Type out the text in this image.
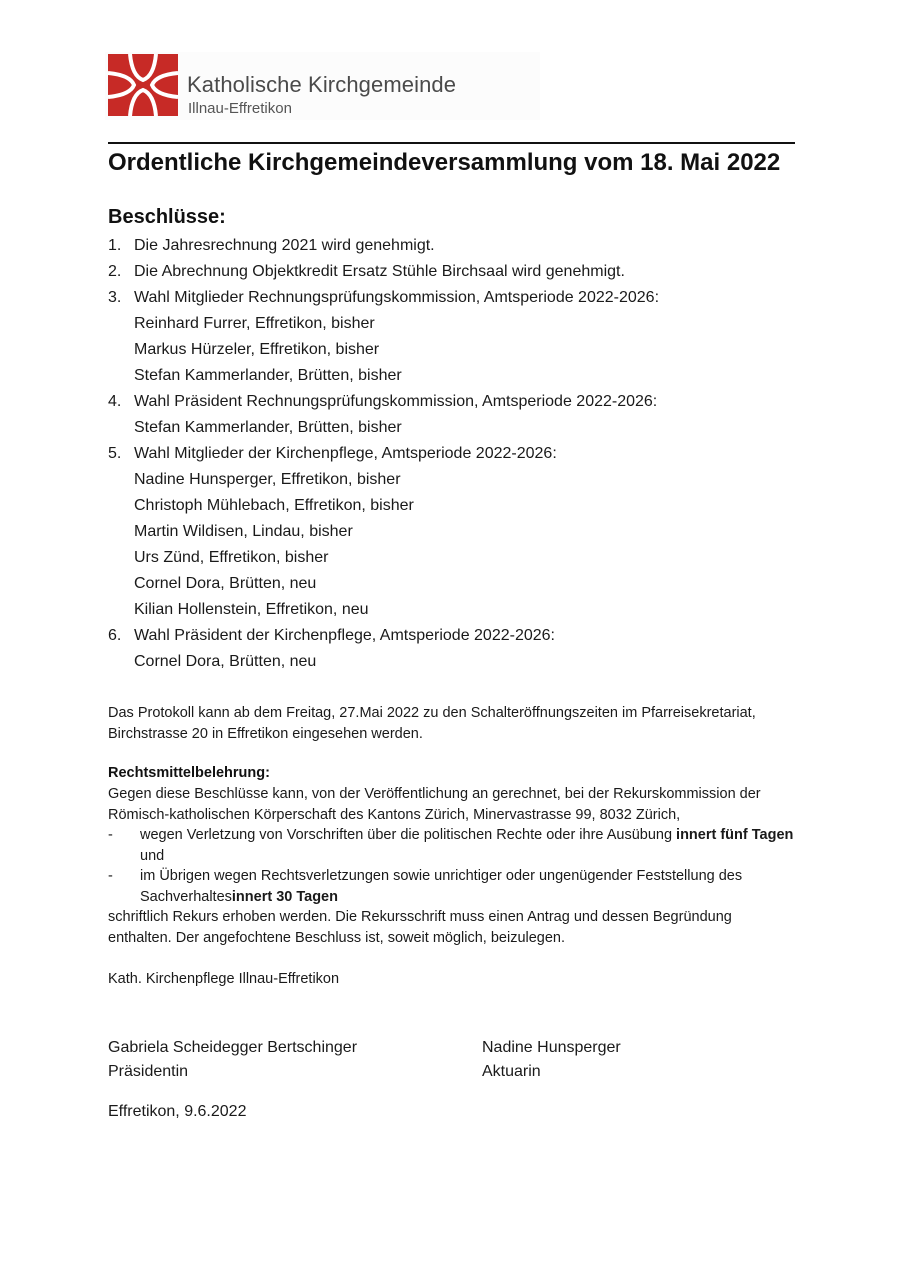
Katholische Kirchgemeinde
Illnau-Effretikon
Ordentliche Kirchgemeindeversammlung vom 18. Mai 2022
Beschlüsse:
1. Die Jahresrechnung 2021 wird genehmigt.
2. Die Abrechnung Objektkredit Ersatz Stühle Birchsaal wird genehmigt.
3. Wahl Mitglieder Rechnungsprüfungskommission, Amtsperiode 2022-2026:
Reinhard Furrer, Effretikon, bisher
Markus Hürzeler, Effretikon, bisher
Stefan Kammerlander, Brütten, bisher
4. Wahl Präsident Rechnungsprüfungskommission, Amtsperiode 2022-2026:
Stefan Kammerlander, Brütten, bisher
5. Wahl Mitglieder der Kirchenpflege, Amtsperiode 2022-2026:
Nadine Hunsperger, Effretikon, bisher
Christoph Mühlebach, Effretikon, bisher
Martin Wildisen, Lindau, bisher
Urs Zünd, Effretikon, bisher
Cornel Dora, Brütten, neu
Kilian Hollenstein, Effretikon, neu
6. Wahl Präsident der Kirchenpflege, Amtsperiode 2022-2026:
Cornel Dora, Brütten, neu
Das Protokoll kann ab dem Freitag, 27.Mai 2022 zu den Schalteröffnungszeiten im Pfarreisekretariat, Birchstrasse 20 in Effretikon eingesehen werden.
Rechtsmittelbelehrung:
Gegen diese Beschlüsse kann, von der Veröffentlichung an gerechnet, bei der Rekurskommission der Römisch-katholischen Körperschaft des Kantons Zürich, Minervastrasse 99, 8032 Zürich,
- wegen Verletzung von Vorschriften über die politischen Rechte oder ihre Ausübung innert fünf Tagen und
- im Übrigen wegen Rechtsverletzungen sowie unrichtiger oder ungenügender Feststellung des Sachverhaltesinnert 30 Tagen
schriftlich Rekurs erhoben werden. Die Rekursschrift muss einen Antrag und dessen Begründung enthalten. Der angefochtene Beschluss ist, soweit möglich, beizulegen.
Kath. Kirchenpflege Illnau-Effretikon
Gabriela Scheidegger Bertschinger
Präsidentin
Nadine Hunsperger
Aktuarin
Effretikon, 9.6.2022
